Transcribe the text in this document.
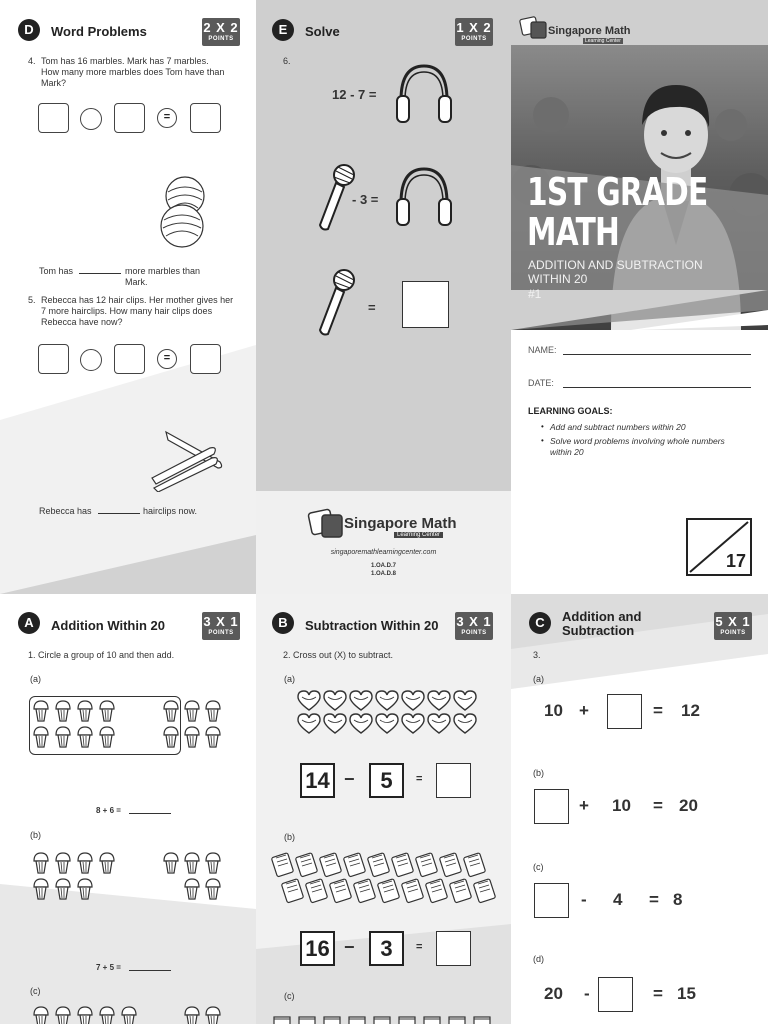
D	Word Problems	2 X 2
POINTS
4. Tom has 16 marbles. Mark has 7 marbles. How many more marbles does Tom have than Mark?
=
Tom has	more marbles than Mark.
5. Rebecca has 12 hair clips. Her mother gives her 7 more hairclips. How many hair clips does Rebecca have now?
=
Rebecca has	hairclips now.
E	Solve	1 X 2
POINTS
6.
12 - 7 =
- 3 =
=
Singapore Math
Learning Center
singaporemathlearningcenter.com
1.OA.D.7
1.OA.D.8
Singapore Math
Learning Center
1ST GRADE
MATH
ADDITION AND SUBTRACTION WITHIN 20
#1
NAME:
DATE:
LEARNING GOALS:
• Add and subtract numbers within 20
• Solve word problems involving whole numbers within 20
17
A	Addition Within 20	3 X 1
POINTS
1. Circle a group of 10 and then add.
(a)
8 + 6 =
(b)
7 + 5 =
(c)
B	Subtraction Within 20 3 X 1
POINTS
2. Cross out (X) to subtract.
(a)
14 −	5	=
(b)
16 −	3	=
(c)
C	Addition and
Subtraction
5 X 1
POINTS
3.
(a)
10 +	= 12
(b)
+ 10 = 20
(c)
- 4 = 8
(d)
20 -	= 15
